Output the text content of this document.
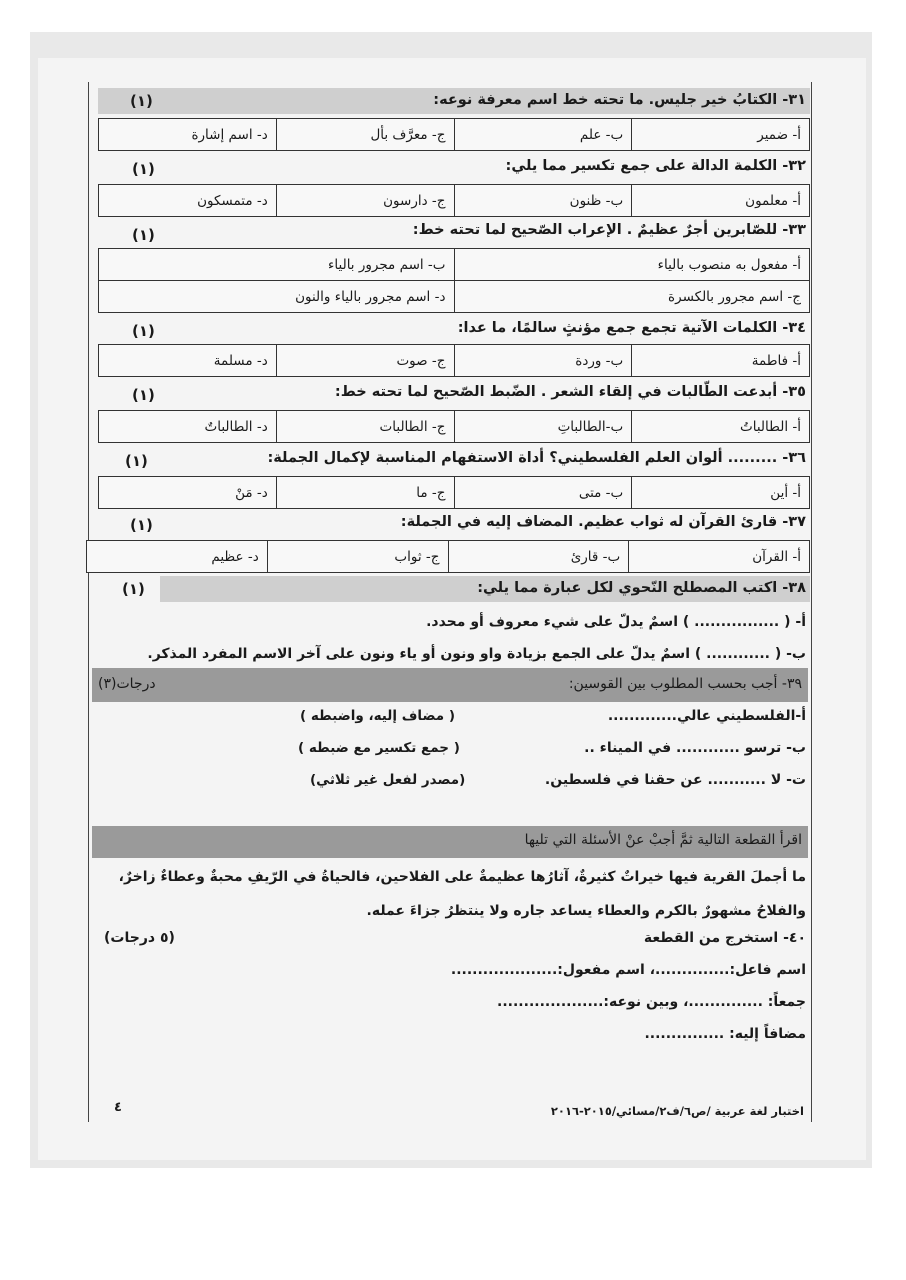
٣١- الكتابُ خير جليس. ما تحته خط اسم معرفة نوعه:
(١)
أ- ضمير	ب- علم	ج- معرَّف بأل	د- اسم إشارة
٣٢- الكلمة الدالة على جمع تكسير مما يلي:
(١)
أ- معلمون	ب- ظنون	ج- دارسون	د- متمسكون
٣٣- للصّابرين أجرٌ عظيمٌ . الإعراب الصّحيح لما تحته خط:
(١)
أ- مفعول به منصوب بالياء	ب- اسم مجرور بالياء
ج- اسم مجرور بالكسرة	د- اسم مجرور بالياء والنون
٣٤- الكلمات الآتية تجمع جمع مؤنثٍ سالمًا، ما عدا:
(١)
أ- فاطمة	ب- وردة	ج- صوت	د- مسلمة
٣٥- أبدعت الطّالبات في إلقاء الشعر . الضّبط الصّحيح لما تحته خط:
(١)
أ- الطالباتُ	ب-الطالباتِ	ج- الطالبات	د- الطالباتٌ
٣٦- ......... ألوان العلم الفلسطيني؟ أداة الاستفهام المناسبة لإكمال الجملة:
(١)
أ- أين	ب- متى	ج- ما	د- مَنْ
٣٧- قارئ القرآن له ثواب عظيم. المضاف إليه في الجملة:
(١)
أ- القرآن	ب- قارئ	ج- ثواب	د- عظيم
٣٨- اكتب المصطلح النّحوي لكل عبارة مما يلي:
(١)
أ- ( ................ ) اسمٌ يدلّ على شيء معروف أو محدد.
ب- ( ............ ) اسمٌ يدلّ على الجمع بزيادة واو ونون أو ياء ونون على آخر الاسم المفرد المذكر.
٣٩- أجب بحسب المطلوب بين القوسين:
(٣)درجات
أ-الفلسطيني عالي.............
( مضاف إليه، واضبطه )
ب- ترسو ............ في الميناء ..
( جمع تكسير مع ضبطه )
ت- لا ........... عن حقنا في فلسطين.
(مصدر لفعل غير ثلاثي)
اقرأ القطعة التالية ثمَّ أجبْ عنْ الأسئلة التي تليها
ما أجملَ القرية فيها خيراتٌ كثيرةٌ، آثارُها عظيمةٌ على الفلاحين، فالحياةُ في الرّيفِ محبةٌ وعطاءٌ زاخرٌ، والفلاحُ مشهورٌ بالكرم والعطاء يساعد جاره ولا ينتظرُ جزاءَ عمله.
٤٠- استخرج من القطعة
(٥ درجات)
اسم فاعل:..............، اسم مفعول:....................
جمعاً: ..............، وبين نوعه:....................
مضافاً إليه: ...............
اختبار لغة عربية /ص٦/ف٢/مسائي/٢٠١٥-٢٠١٦
٤
